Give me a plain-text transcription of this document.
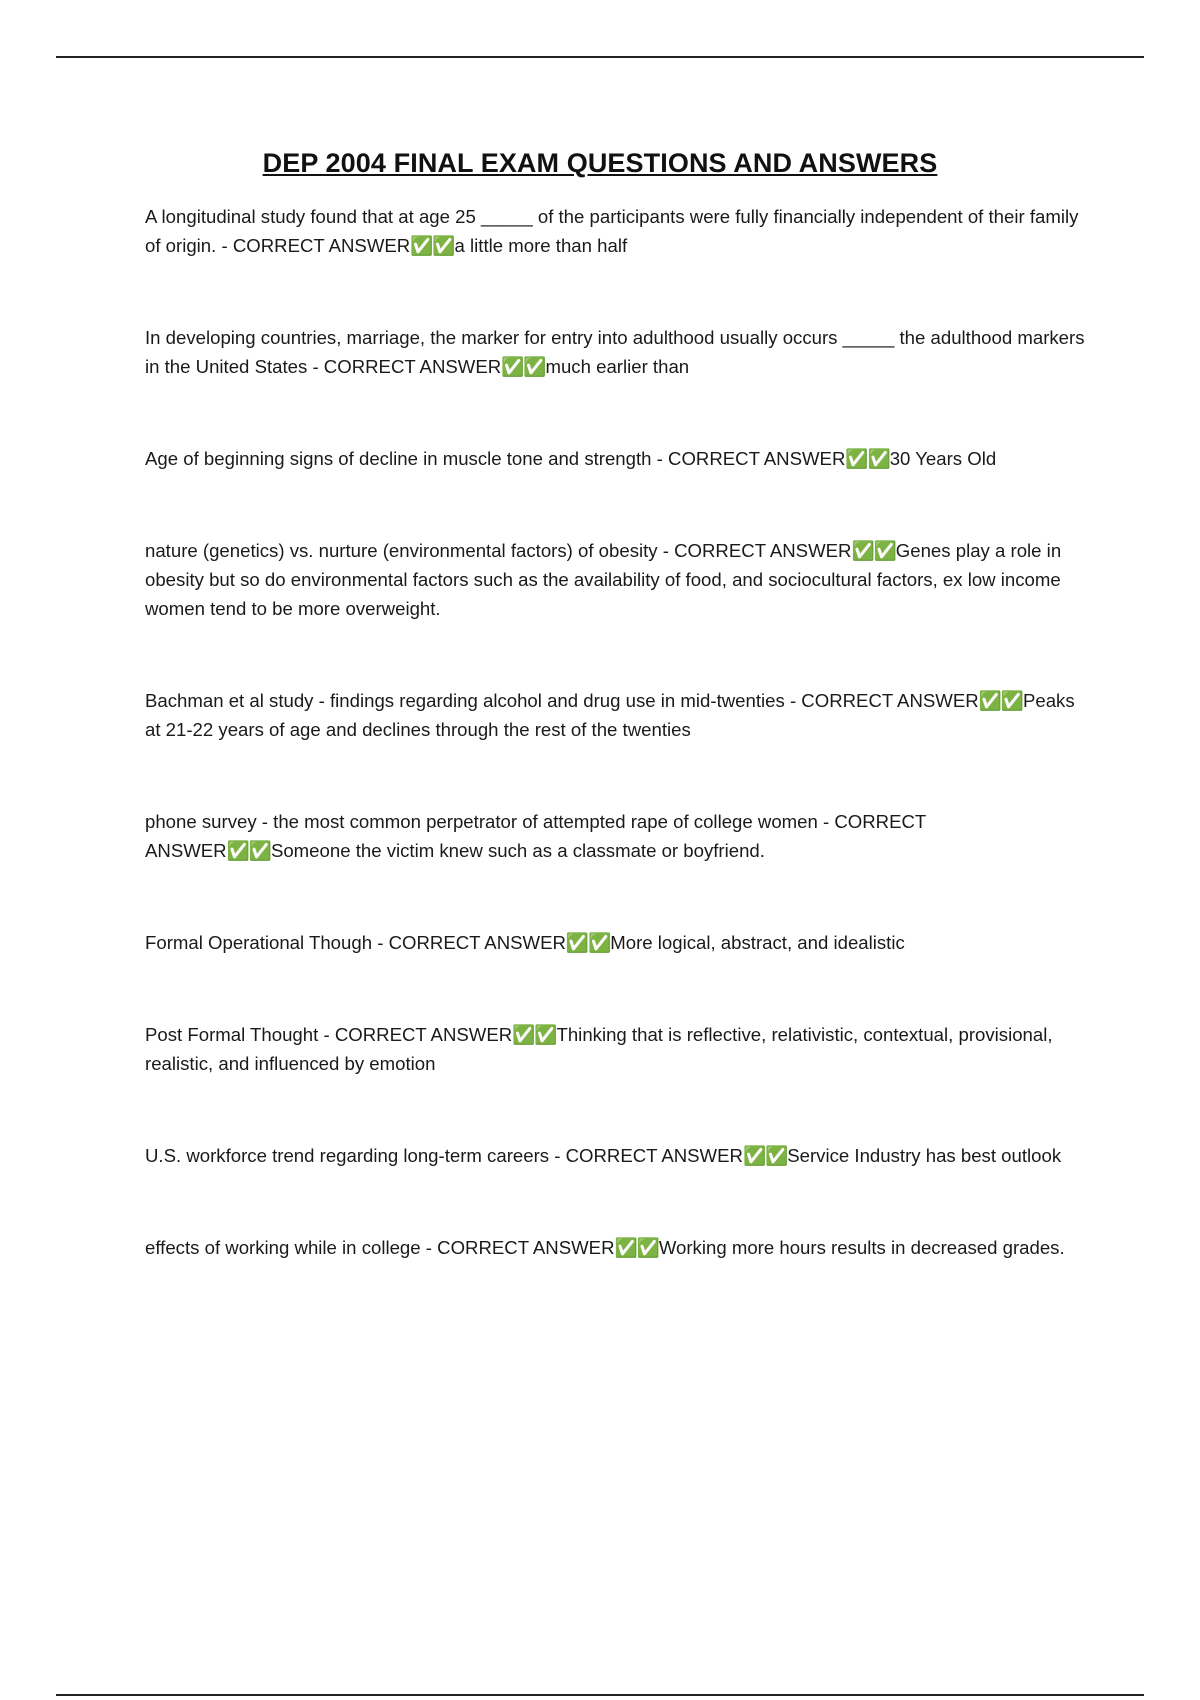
DEP 2004 FINAL EXAM QUESTIONS AND ANSWERS
A longitudinal study found that at age 25 _____ of the participants were fully financially independent of their family of origin. - CORRECT ANSWER✅✅a little more than half
In developing countries, marriage, the marker for entry into adulthood usually occurs _____ the adulthood markers in the United States - CORRECT ANSWER✅✅much earlier than
Age of beginning signs of decline in muscle tone and strength - CORRECT ANSWER✅✅30 Years Old
nature (genetics) vs. nurture (environmental factors) of obesity - CORRECT ANSWER✅✅Genes play a role in obesity but so do environmental factors such as the availability of food, and sociocultural factors, ex low income women tend to be more overweight.
Bachman et al study - findings regarding alcohol and drug use in mid-twenties - CORRECT ANSWER✅✅Peaks at 21-22 years of age and declines through the rest of the twenties
phone survey - the most common perpetrator of attempted rape of college women - CORRECT ANSWER✅✅Someone the victim knew such as a classmate or boyfriend.
Formal Operational Though - CORRECT ANSWER✅✅More logical, abstract, and idealistic
Post Formal Thought - CORRECT ANSWER✅✅Thinking that is reflective, relativistic, contextual, provisional, realistic, and influenced by emotion
U.S. workforce trend regarding long-term careers - CORRECT ANSWER✅✅Service Industry has best outlook
effects of working while in college - CORRECT ANSWER✅✅Working more hours results in decreased grades.
